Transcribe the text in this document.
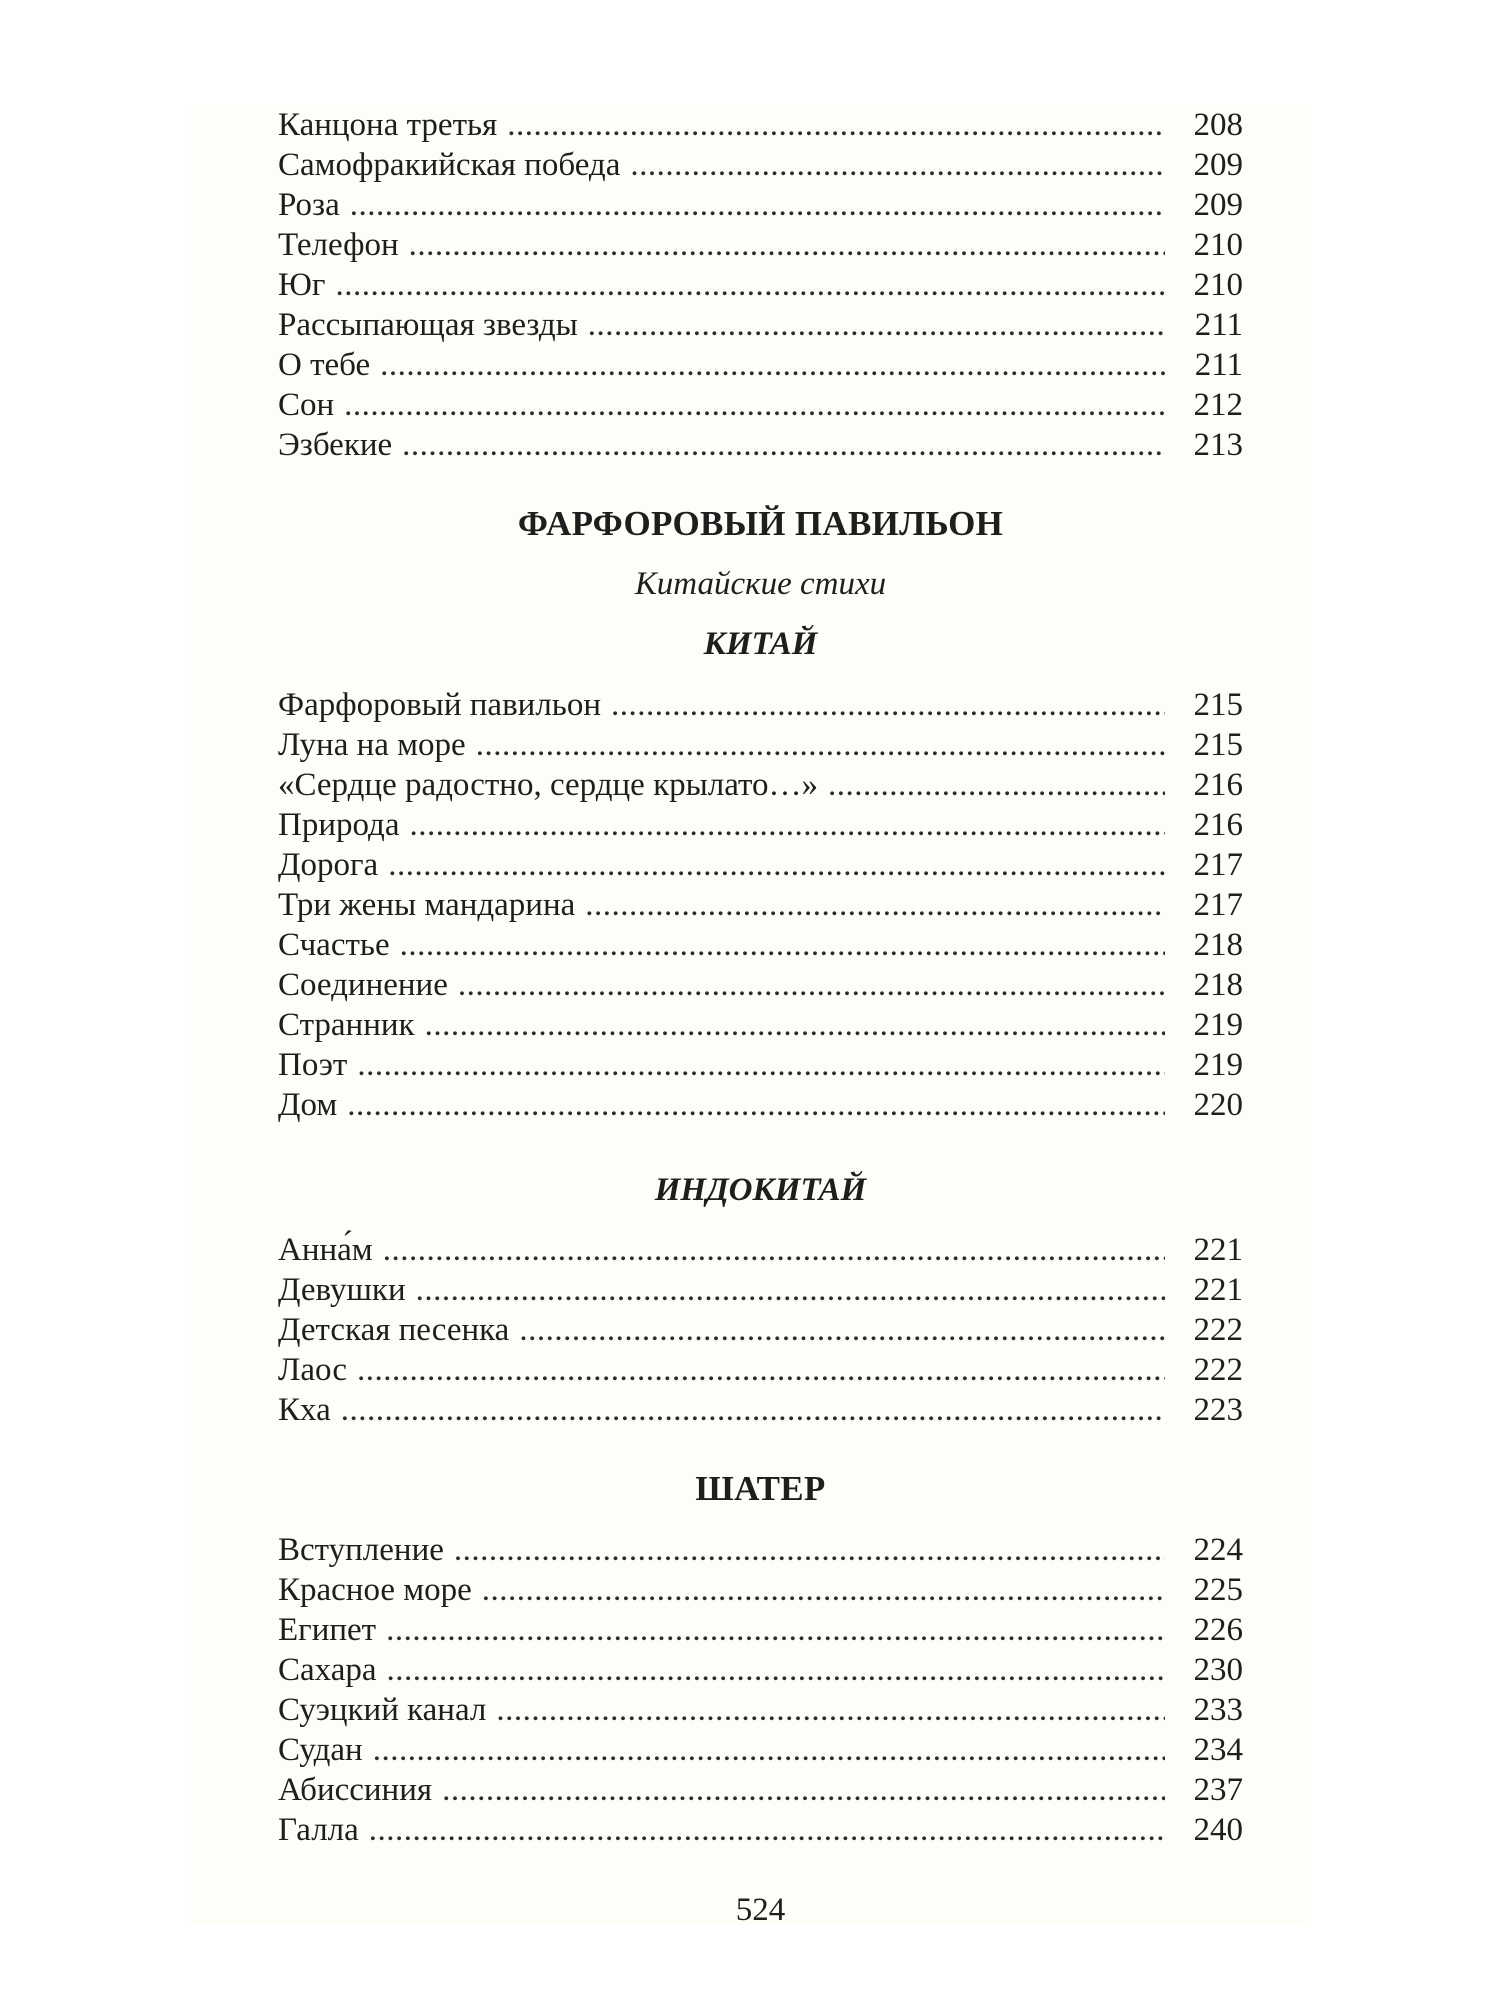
Канцона третья .....	208
Самофракийская победа .....	209
Роза .....	209
Телефон .....	210
Юг .....	210
Рассыпающая звезды .....	211
О тебе .....	211
Сон .....	212
Эзбекие .....	213
ФАРФОРОВЫЙ ПАВИЛЬОН

Китайские стихи

КИТАЙ
Фарфоровый павильон .....	215
Луна на море .....	215
«Сердце радостно, сердце крылато…» .....	216
Природа .....	216
Дорога .....	217
Три жены мандарина .....	217
Счастье .....	218
Соединение .....	218
Странник .....	219
Поэт .....	219
Дом .....	220
ИНДОКИТАЙ
Анна́м .....	221
Девушки .....	221
Детская песенка .....	222
Лаос .....	222
Кха .....	223
ШАТЕР
Вступление .....	224
Красное море .....	225
Египет .....	226
Сахара .....	230
Суэцкий канал .....	233
Судан .....	234
Абиссиния .....	237
Галла .....	240
524
